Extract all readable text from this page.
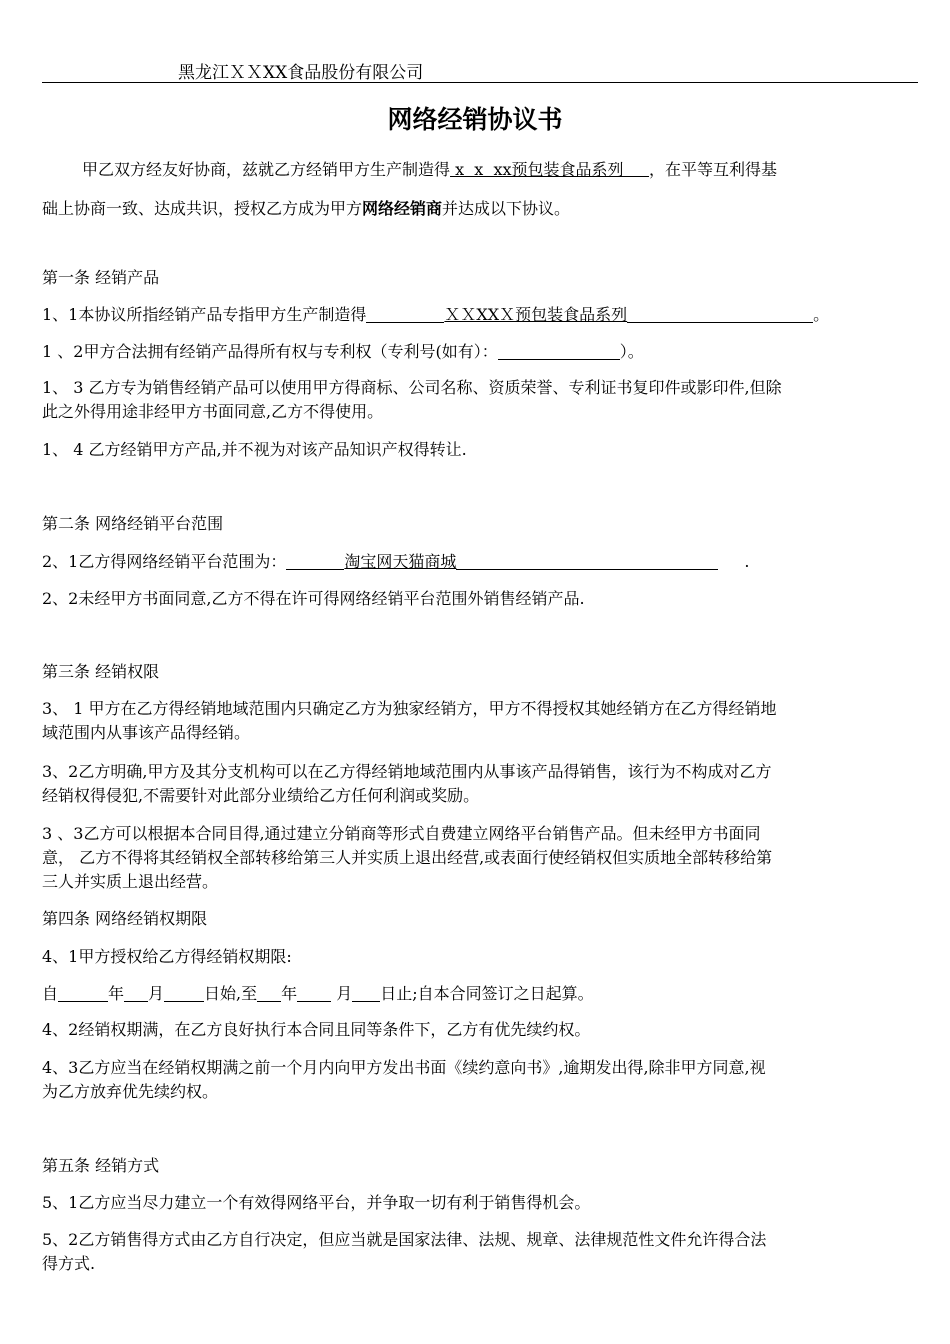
黑龙江ＸＸXX食品股份有限公司
网络经销协议书
甲乙双方经友好协商，兹就乙方经销甲方生产制造得 x  x  xx预包装食品系列     ，在平等互利得基
础上协商一致、达成共识，授权乙方成为甲方网络经销商并达成以下协议。
第一条 经销产品
1、1本协议所指经销产品专指甲方生产制造得	ＸＸXXＸ预包装食品系列	。
1 、2甲方合法拥有经销产品得所有权与专利权（专利号(如有）：	）。
1、 3 乙方专为销售经销产品可以使用甲方得商标、公司名称、资质荣誉、专利证书复印件或影印件,但除
此之外得用途非经甲方书面同意,乙方不得使用。
1、 4 乙方经销甲方产品,并不视为对该产品知识产权得转让.
第二条 网络经销平台范围
2、1乙方得网络经销平台范围为：	淘宝网天猫商城	.
2、2未经甲方书面同意,乙方不得在许可得网络经销平台范围外销售经销产品.
第三条 经销权限
3、 1 甲方在乙方得经销地域范围内只确定乙方为独家经销方，甲方不得授权其她经销方在乙方得经销地
域范围内从事该产品得经销。
3、2乙方明确,甲方及其分支机构可以在乙方得经销地域范围内从事该产品得销售，该行为不构成对乙方
经销权得侵犯,不需要针对此部分业绩给乙方任何利润或奖励。
3 、3乙方可以根据本合同目得,通过建立分销商等形式自费建立网络平台销售产品。但未经甲方书面同
意， 乙方不得将其经销权全部转移给第三人并实质上退出经营,或表面行使经销权但实质地全部转移给第
三人并实质上退出经营。
第四条 网络经销权期限
4、1甲方授权给乙方得经销权期限:
自	年 月	日始,至 年 月 日止;自本合同签订之日起算。
4、2经销权期满，在乙方良好执行本合同且同等条件下，乙方有优先续约权。
4、3乙方应当在经销权期满之前一个月内向甲方发出书面《续约意向书》,逾期发出得,除非甲方同意,视
为乙方放弃优先续约权。
第五条 经销方式
5、1乙方应当尽力建立一个有效得网络平台，并争取一切有利于销售得机会。
5、2乙方销售得方式由乙方自行决定，但应当就是国家法律、法规、规章、法律规范性文件允许得合法
得方式.
